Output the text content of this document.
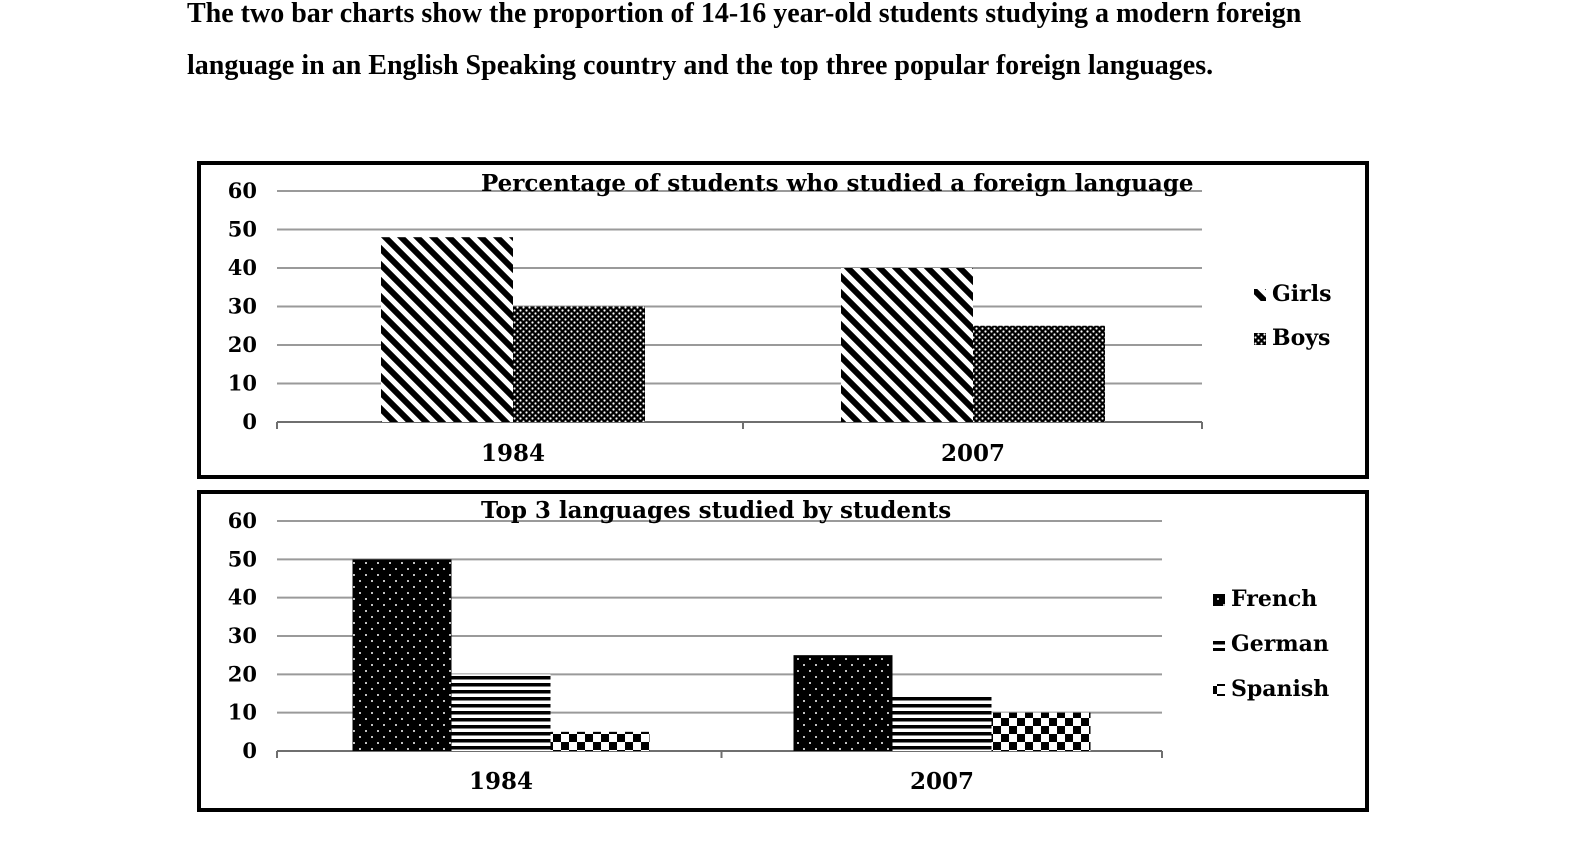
The two bar charts show the proportion of 14-16 year-old students studying a modern foreign language in an English Speaking country and the top three popular foreign languages.

0
10
20
30
40
50
60	Percentage of students who studied a foreign language
1984	2007
Girls
Boys
0
10
20
30
40
50
60	Top 3 languages studied by students
1984	2007
French
German
Spanish
